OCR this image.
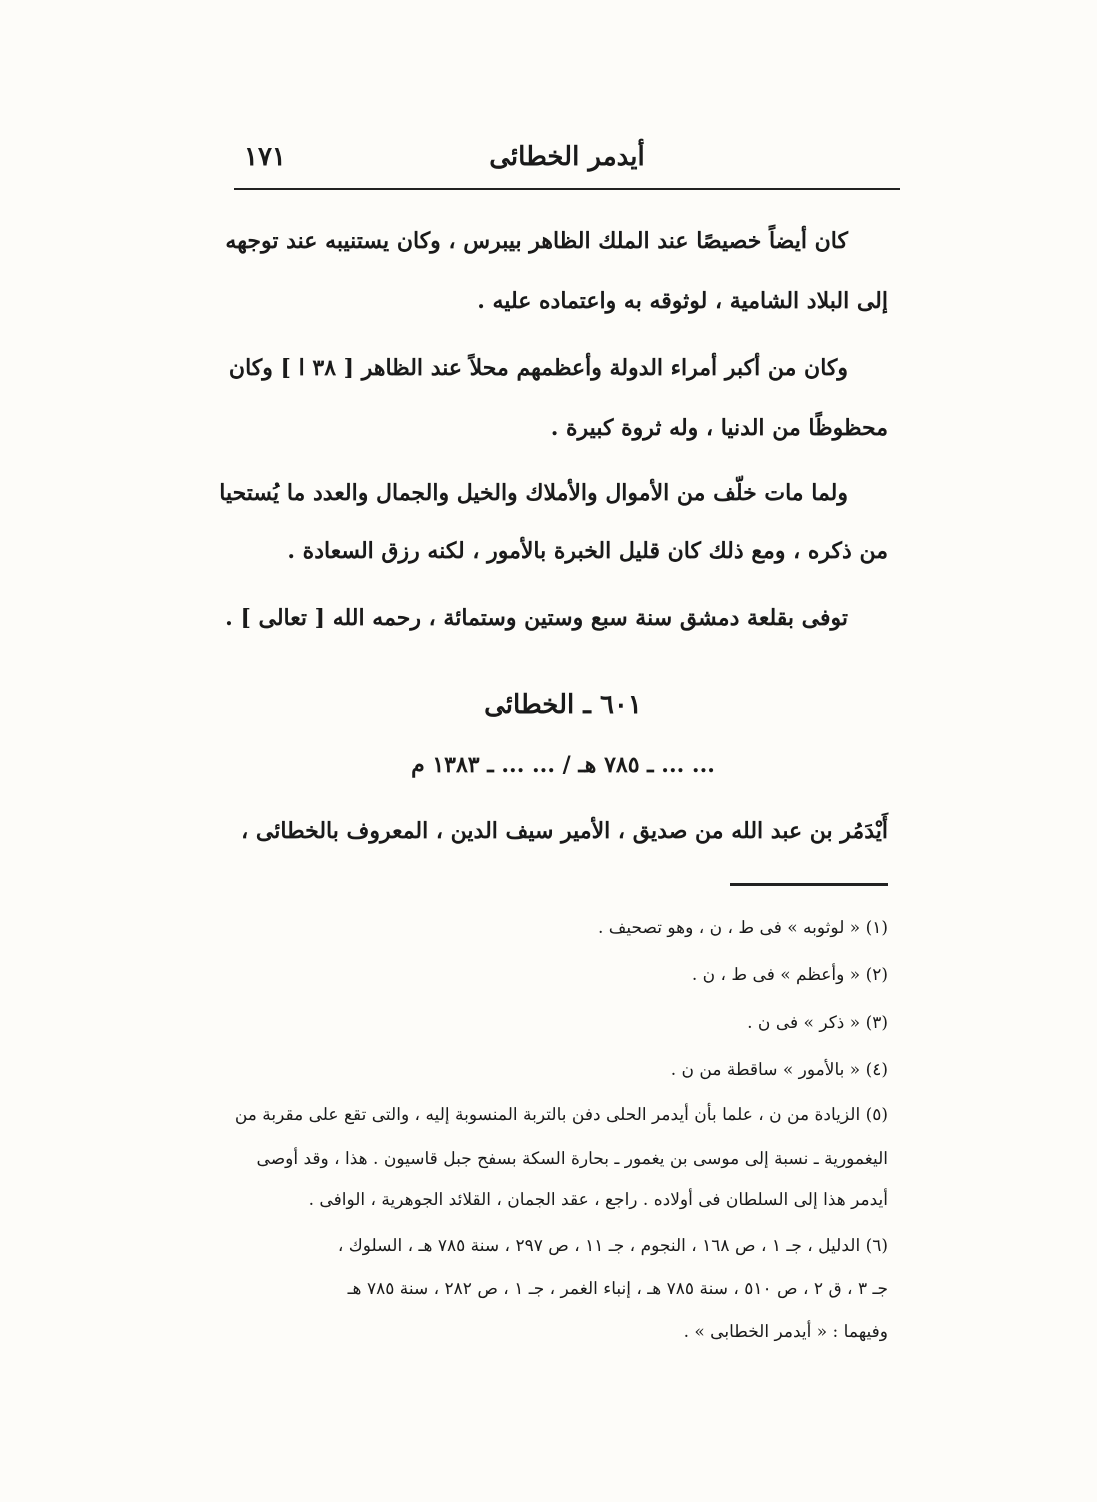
أيدمر الخطائى
١٧١
كان أيضاً خصيصًا عند الملك الظاهر بيبرس ، وكان يستنيبه عند توجهه
إلى البلاد الشامية ، لوثوقه به واعتماده عليه .
وكان من أكبر أمراء الدولة وأعظمهم محلاً عند الظاهر [ ٣٨ ا ] وكان
محظوظًا من الدنيا ، وله ثروة كبيرة .
ولما مات خلّف من الأموال والأملاك والخيل والجمال والعدد ما يُستحيا
من ذكره ، ومع ذلك كان قليل الخبرة بالأمور ، لكنه رزق السعادة .
توفى بقلعة دمشق سنة سبع وستين وستمائة ، رحمه الله [ تعالى ] .
٦٠١ ـ الخطائى
... ... ـ ٧٨٥ هـ / ... ... ـ ١٣٨٣ م
أَيْدَمُر بن عبد الله من صديق ، الأمير سيف الدين ، المعروف بالخطائى ،
(١) « لوثوبه » فى ط ، ن ، وهو تصحيف .
(٢) « وأعظم » فى ط ، ن .
(٣) « ذكر » فى ن .
(٤) « بالأمور » ساقطة من ن .
(٥) الزيادة من ن ، علما بأن أيدمر الحلى دفن بالتربة المنسوبة إليه ، والتى تقع على مقربة من
اليغمورية ـ نسبة إلى موسى بن يغمور ـ بحارة السكة بسفح جبل قاسيون . هذا ، وقد أوصى
أيدمر هذا إلى السلطان فى أولاده . راجع ، عقد الجمان ، القلائد الجوهرية ، الوافى .
(٦) الدليل ، جـ ١ ، ص ١٦٨ ، النجوم ، جـ ١١ ، ص ٢٩٧ ، سنة ٧٨٥ هـ ، السلوك ،
جـ ٣ ، ق ٢ ، ص ٥١٠ ، سنة ٧٨٥ هـ ، إنباء الغمر ، جـ ١ ، ص ٢٨٢ ، سنة ٧٨٥ هـ
وفيهما : « أيدمر الخطابى » .
